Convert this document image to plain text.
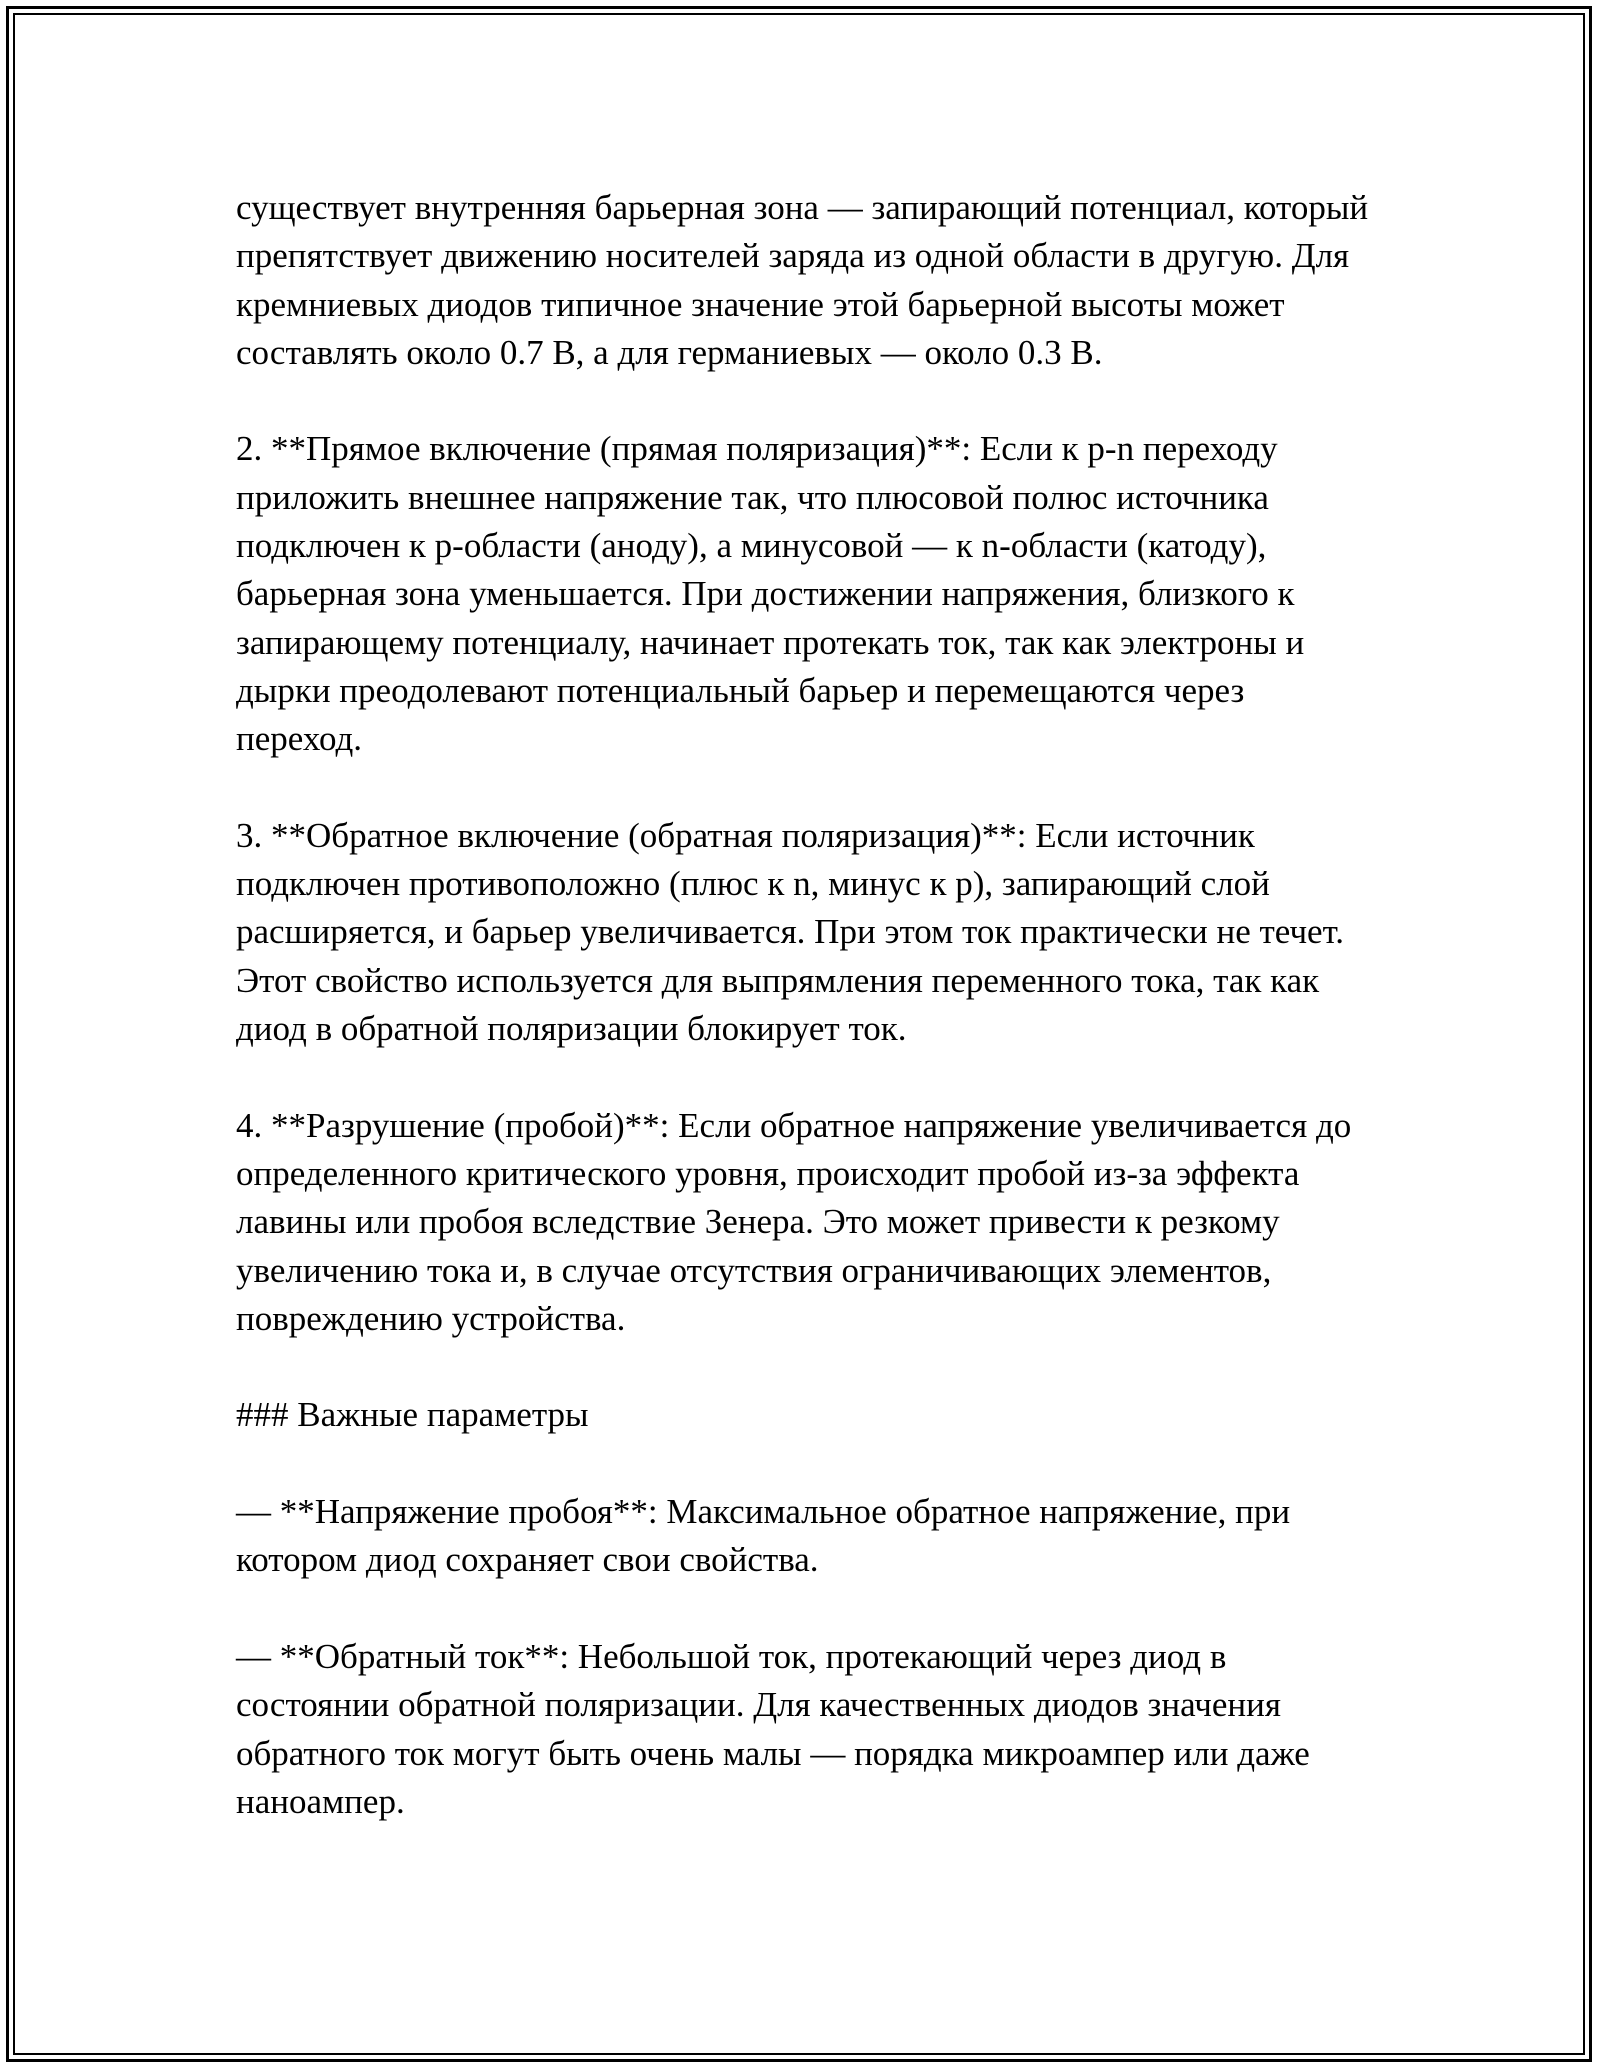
существует внутренняя барьерная зона — запирающий потенциал, который препятствует движению носителей заряда из одной области в другую. Для кремниевых диодов типичное значение этой барьерной высоты может составлять около 0.7 В, а для германиевых — около 0.3 В.

2. **Прямое включение (прямая поляризация)**: Если к p-n переходу приложить внешнее напряжение так, что плюсовой полюс источника подключен к p-области (аноду), а минусовой — к n-области (катоду), барьерная зона уменьшается. При достижении напряжения, близкого к запирающему потенциалу, начинает протекать ток, так как электроны и дырки преодолевают потенциальный барьер и перемещаются через переход.

3. **Обратное включение (обратная поляризация)**: Если источник подключен противоположно (плюс к n, минус к p), запирающий слой расширяется, и барьер увеличивается. При этом ток практически не течет. Этот свойство используется для выпрямления переменного тока, так как диод в обратной поляризации блокирует ток.

4. **Разрушение (пробой)**: Если обратное напряжение увеличивается до определенного критического уровня, происходит пробой из-за эффекта лавины или пробоя вследствие Зенера. Это может привести к резкому увеличению тока и, в случае отсутствия ограничивающих элементов, повреждению устройства.

### Важные параметры

— **Напряжение пробоя**: Максимальное обратное напряжение, при котором диод сохраняет свои свойства.

— **Обратный ток**: Небольшой ток, протекающий через диод в состоянии обратной поляризации. Для качественных диодов значения обратного ток могут быть очень малы — порядка микроампер или даже наноампер.
